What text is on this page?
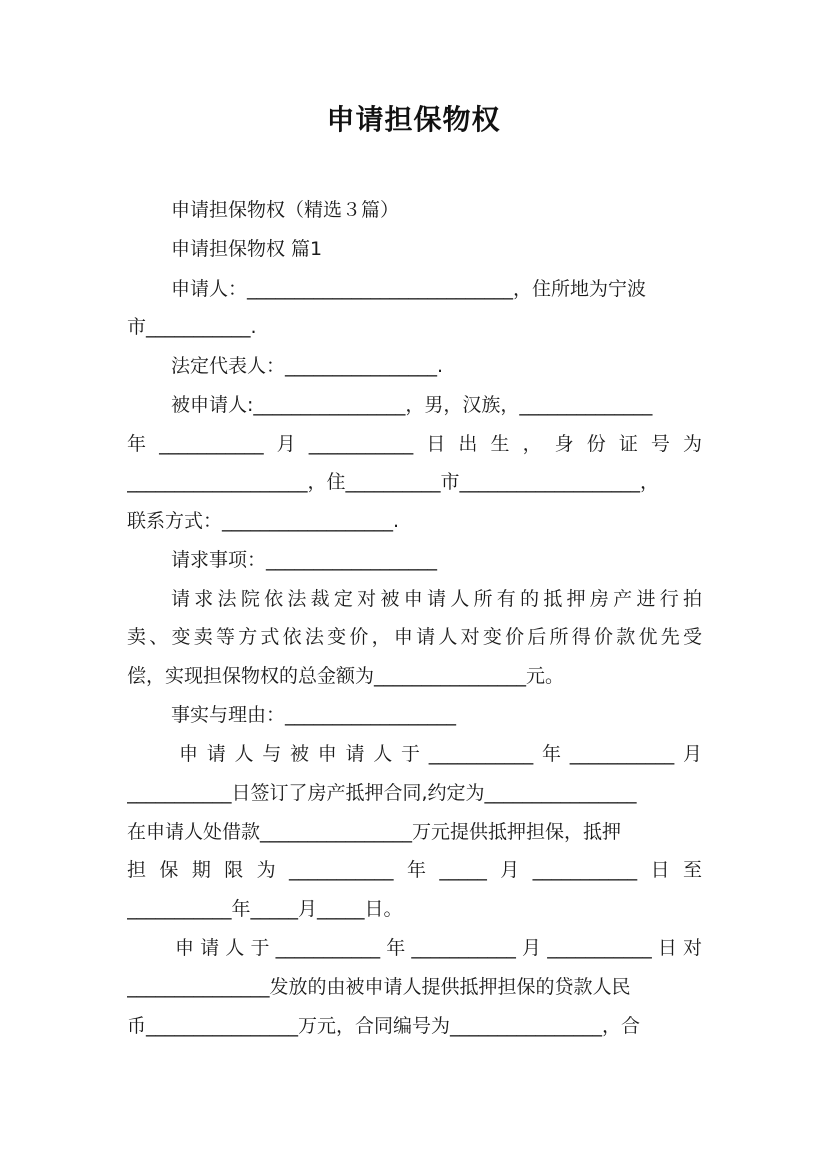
申请担保物权
申请担保物权（精选３篇）
申请担保物权 篇1
申请人：____________________________，住所地为宁波
市___________.
法定代表人：________________.
被申请人:________________，男，汉族，______________
年___________月___________日出生，身份证号为
___________________，住__________市___________________，
联系方式：__________________.
请求事项：__________________
请求法院依法裁定对被申请人所有的抵押房产进行拍
卖、变卖等方式依法变价，申请人对变价后所得价款优先受
偿，实现担保物权的总金额为________________元。
事实与理由：__________________
申请人与被申请人于___________年___________月
___________日签订了房产抵押合同,约定为________________
在申请人处借款________________万元提供抵押担保，抵押
担保期限为___________年_____月___________日至
___________年_____月_____日。
申请人于___________年___________月___________日对
_______________发放的由被申请人提供抵押担保的贷款人民
币________________万元，合同编号为________________，合
